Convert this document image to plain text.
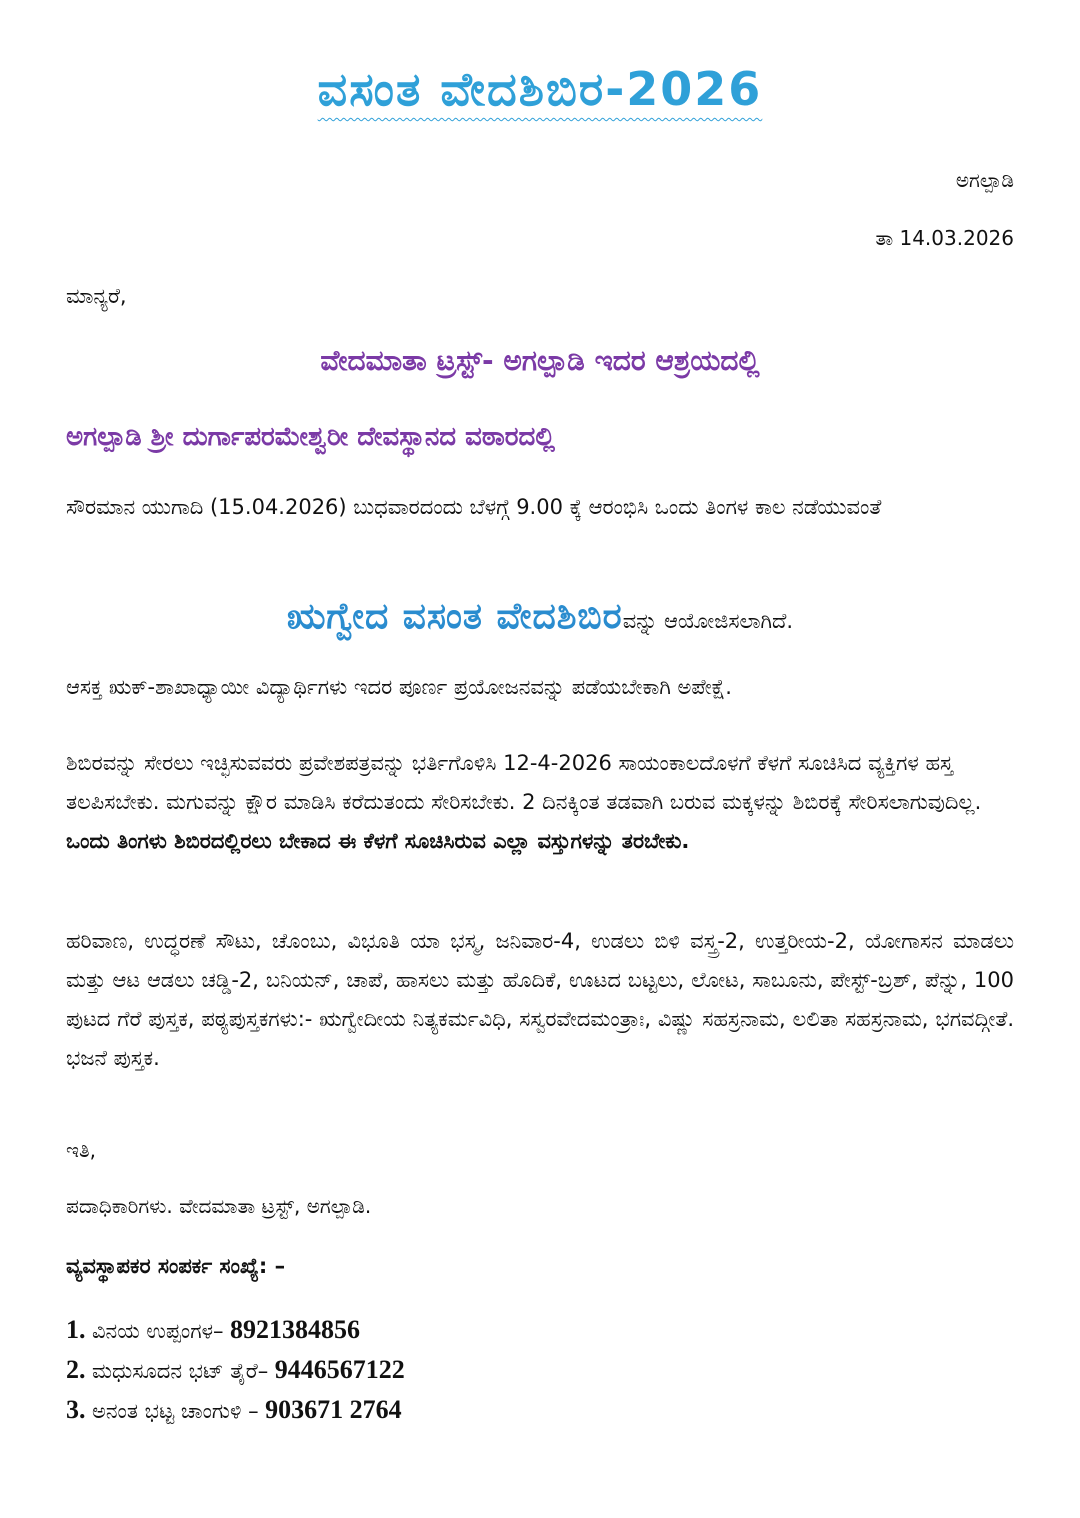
ವಸಂತ ವೇದಶಿಬಿರ-2026
ಅಗಲ್ಪಾಡಿ
ತಾ 14.03.2026
ಮಾನ್ಯರೆ,
ವೇದಮಾತಾ ಟ್ರಸ್ಟ್- ಅಗಲ್ಪಾಡಿ ಇದರ ಆಶ್ರಯದಲ್ಲಿ
ಅಗಲ್ಪಾಡಿ ಶ್ರೀ ದುರ್ಗಾಪರಮೇಶ್ವರೀ ದೇವಸ್ಥಾನದ ವಠಾರದಲ್ಲಿ

ಸೌರಮಾನ ಯುಗಾದಿ (15.04.2026) ಬುಧವಾರದಂದು ಬೆಳಗ್ಗೆ 9.00 ಕ್ಕೆ ಆರಂಭಿಸಿ ಒಂದು ತಿಂಗಳ ಕಾಲ ನಡೆಯುವಂತೆ

ಋಗ್ವೇದ ವಸಂತ ವೇದಶಿಬಿರವನ್ನು ಆಯೋಜಿಸಲಾಗಿದೆ.

ಆಸಕ್ತ ಋಕ್-ಶಾಖಾಧ್ಯಾಯೀ ವಿದ್ಯಾರ್ಥಿಗಳು ಇದರ ಪೂರ್ಣ ಪ್ರಯೋಜನವನ್ನು ಪಡೆಯಬೇಕಾಗಿ ಅಪೇಕ್ಷೆ.

ಶಿಬಿರವನ್ನು ಸೇರಲು ಇಚ್ಛಿಸುವವರು ಪ್ರವೇಶಪತ್ರವನ್ನು ಭರ್ತಿಗೊಳಿಸಿ 12-4-2026 ಸಾಯಂಕಾಲದೊಳಗೆ ಕೆಳಗೆ ಸೂಚಿಸಿದ ವ್ಯಕ್ತಿಗಳ ಹಸ್ತ ತಲಪಿಸಬೇಕು. ಮಗುವನ್ನು ಕ್ಷೌರ ಮಾಡಿಸಿ ಕರೆದುತಂದು ಸೇರಿಸಬೇಕು. 2 ದಿನಕ್ಕಿಂತ ತಡವಾಗಿ ಬರುವ ಮಕ್ಕಳನ್ನು ಶಿಬಿರಕ್ಕೆ ಸೇರಿಸಲಾಗುವುದಿಲ್ಲ.
ಒಂದು ತಿಂಗಳು ಶಿಬಿರದಲ್ಲಿರಲು ಬೇಕಾದ ಈ ಕೆಳಗೆ ಸೂಚಿಸಿರುವ ಎಲ್ಲಾ ವಸ್ತುಗಳನ್ನು ತರಬೇಕು.

ಹರಿವಾಣ, ಉದ್ಧರಣೆ ಸೌಟು, ಚೊಂಬು, ವಿಭೂತಿ ಯಾ ಭಸ್ಮ, ಜನಿವಾರ-4, ಉಡಲು ಬಿಳಿ ವಸ್ತ್ರ-2, ಉತ್ತರೀಯ-2, ಯೋಗಾಸನ ಮಾಡಲು ಮತ್ತು ಆಟ ಆಡಲು ಚಡ್ಡಿ-2, ಬನಿಯನ್, ಚಾಪೆ, ಹಾಸಲು ಮತ್ತು ಹೊದಿಕೆ, ಊಟದ ಬಟ್ಟಲು, ಲೋಟ, ಸಾಬೂನು, ಪೇಸ್ಟ್-ಬ್ರಶ್, ಪೆನ್ನು, 100 ಪುಟದ ಗೆರೆ ಪುಸ್ತಕ, ಪಠ್ಯಪುಸ್ತಕಗಳು:- ಋಗ್ವೇದೀಯ ನಿತ್ಯಕರ್ಮವಿಧಿ, ಸಸ್ವರವೇದಮಂತ್ರಾಃ, ವಿಷ್ಣು ಸಹಸ್ರನಾಮ, ಲಲಿತಾ ಸಹಸ್ರನಾಮ, ಭಗವದ್ಗೀತೆ. ಭಜನೆ ಪುಸ್ತಕ.

ಇತಿ,
ಪದಾಧಿಕಾರಿಗಳು. ವೇದಮಾತಾ ಟ್ರಸ್ಟ್, ಅಗಲ್ಪಾಡಿ.
ವ್ಯವಸ್ಥಾಪಕರ ಸಂಪರ್ಕ ಸಂಖ್ಯೆ: –
1. ವಿನಯ ಉಪ್ಪಂಗಳ– 8921384856
2. ಮಧುಸೂದನ ಭಟ್ ತೈರೆ– 9446567122
3. ಅನಂತ ಭಟ್ಟ ಚಾಂಗುಳಿ – 903671 2764
